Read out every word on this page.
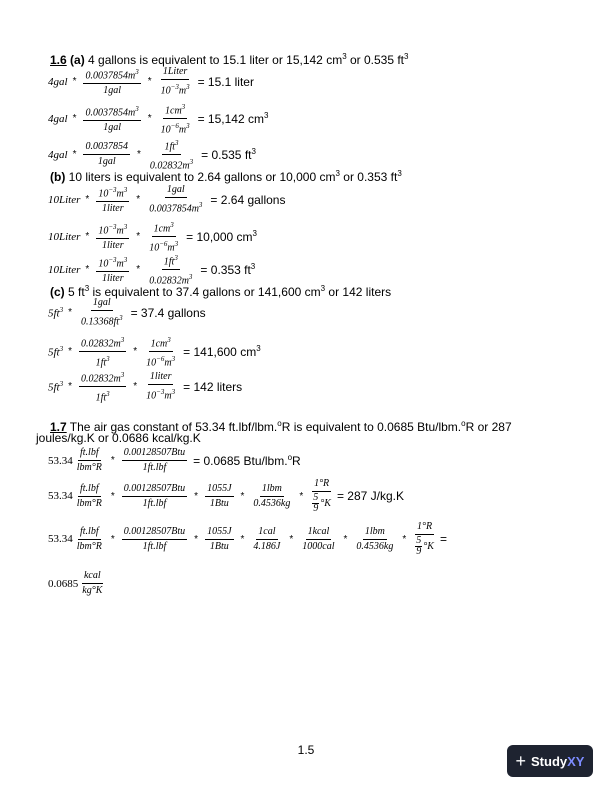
1.6 (a) 4 gallons is equivalent to 15.1 liter or 15,142 $cm^3$ or 0.535 $ft^3$
$4gal * \frac{0.0037854m^3}{\text{1gal}} * \frac{\text{1Liter}}{10^{-3}m^3} = 15.1$ liter
$4gal * \frac{0.0037854m^3}{\text{1gal}} * \frac{1cm^3}{10^{-6}m^3} = 15,142$ $cm^3$
$4gal * \frac{0.0037854}{\text{1gal}} * \frac{1ft^3}{0.02832m^3} = 0.535$ $ft^3$
(b) 10 liters is equivalent to 2.64 gallons or 10,000 $cm^3$ or 0.353 $ft^3$
10Liter * $\frac{10^{-3}m^3}{\text{1liter}} * \frac{\text{1gal}}{0.0037854m^3} = 2.64$ gallons
10Liter * $\frac{10^{-3}m^3}{\text{1liter}} * \frac{1cm^3}{10^{-6}m^3} = 10,000$ $cm^3$
10Liter * $\frac{10^{-3}m^3}{\text{1liter}} * \frac{1ft^3}{0.02832m^3} = 0.353$ $ft^3$
(c) 5 $ft^3$ is equivalent to 37.4 gallons or 141,600 $cm^3$ or 142 liters
$5ft^3 * \frac{\text{1gal}}{0.13368ft^3} = 37.4$ gallons
$5ft^3 * \frac{0.02832m^3}{1ft^3} * \frac{1cm^3}{10^{-6}m^3} = 141,600$ $cm^3$
$5ft^3 * \frac{0.02832m^3}{1ft^3} * \frac{\text{1liter}}{10^{-3}m^3} = 142$ liters
1.7 The air gas constant of 53.34 ft.lbf/lbm.$^o$R is equivalent to 0.0685 Btu/lbm.$^o$R or 287
joules/kg.K or 0.0686 kcal/kg.K
$53.34 \frac{\text{ft.lbf}}{\text{lbm°R}} * \frac{\text{0.00128507Btu}}{\text{1ft.lbf}} = 0.0685$ Btu/lbm.$^o$R
$53.34 \frac{\text{ft.lbf}}{\text{lbm°R}} * \frac{\text{0.00128507Btu}}{\text{1ft.lbf}} * \frac{1055J}{\text{1Btu}} * \frac{\text{1lbm}}{0.4536kg} * 1^\circ R$
5
9 °K = 287 J/kg.K
$53.34 \frac{\text{ft.lbf}}{\text{lbm°R}} * \frac{\text{0.00128507Btu}}{\text{1ft.lbf}} * \frac{1055J}{\text{1Btu}} * \frac{\text{1cal}}{4.186J} * \frac{\text{1kcal}}{\text{1000cal}} * \frac{\text{1lbm}}{0.4536kg} * 1^\circ R$
5
9 °K =
$0.0685 \frac{\text{kcal}}{kg^\circ K}$
1.5
+ Study XY
